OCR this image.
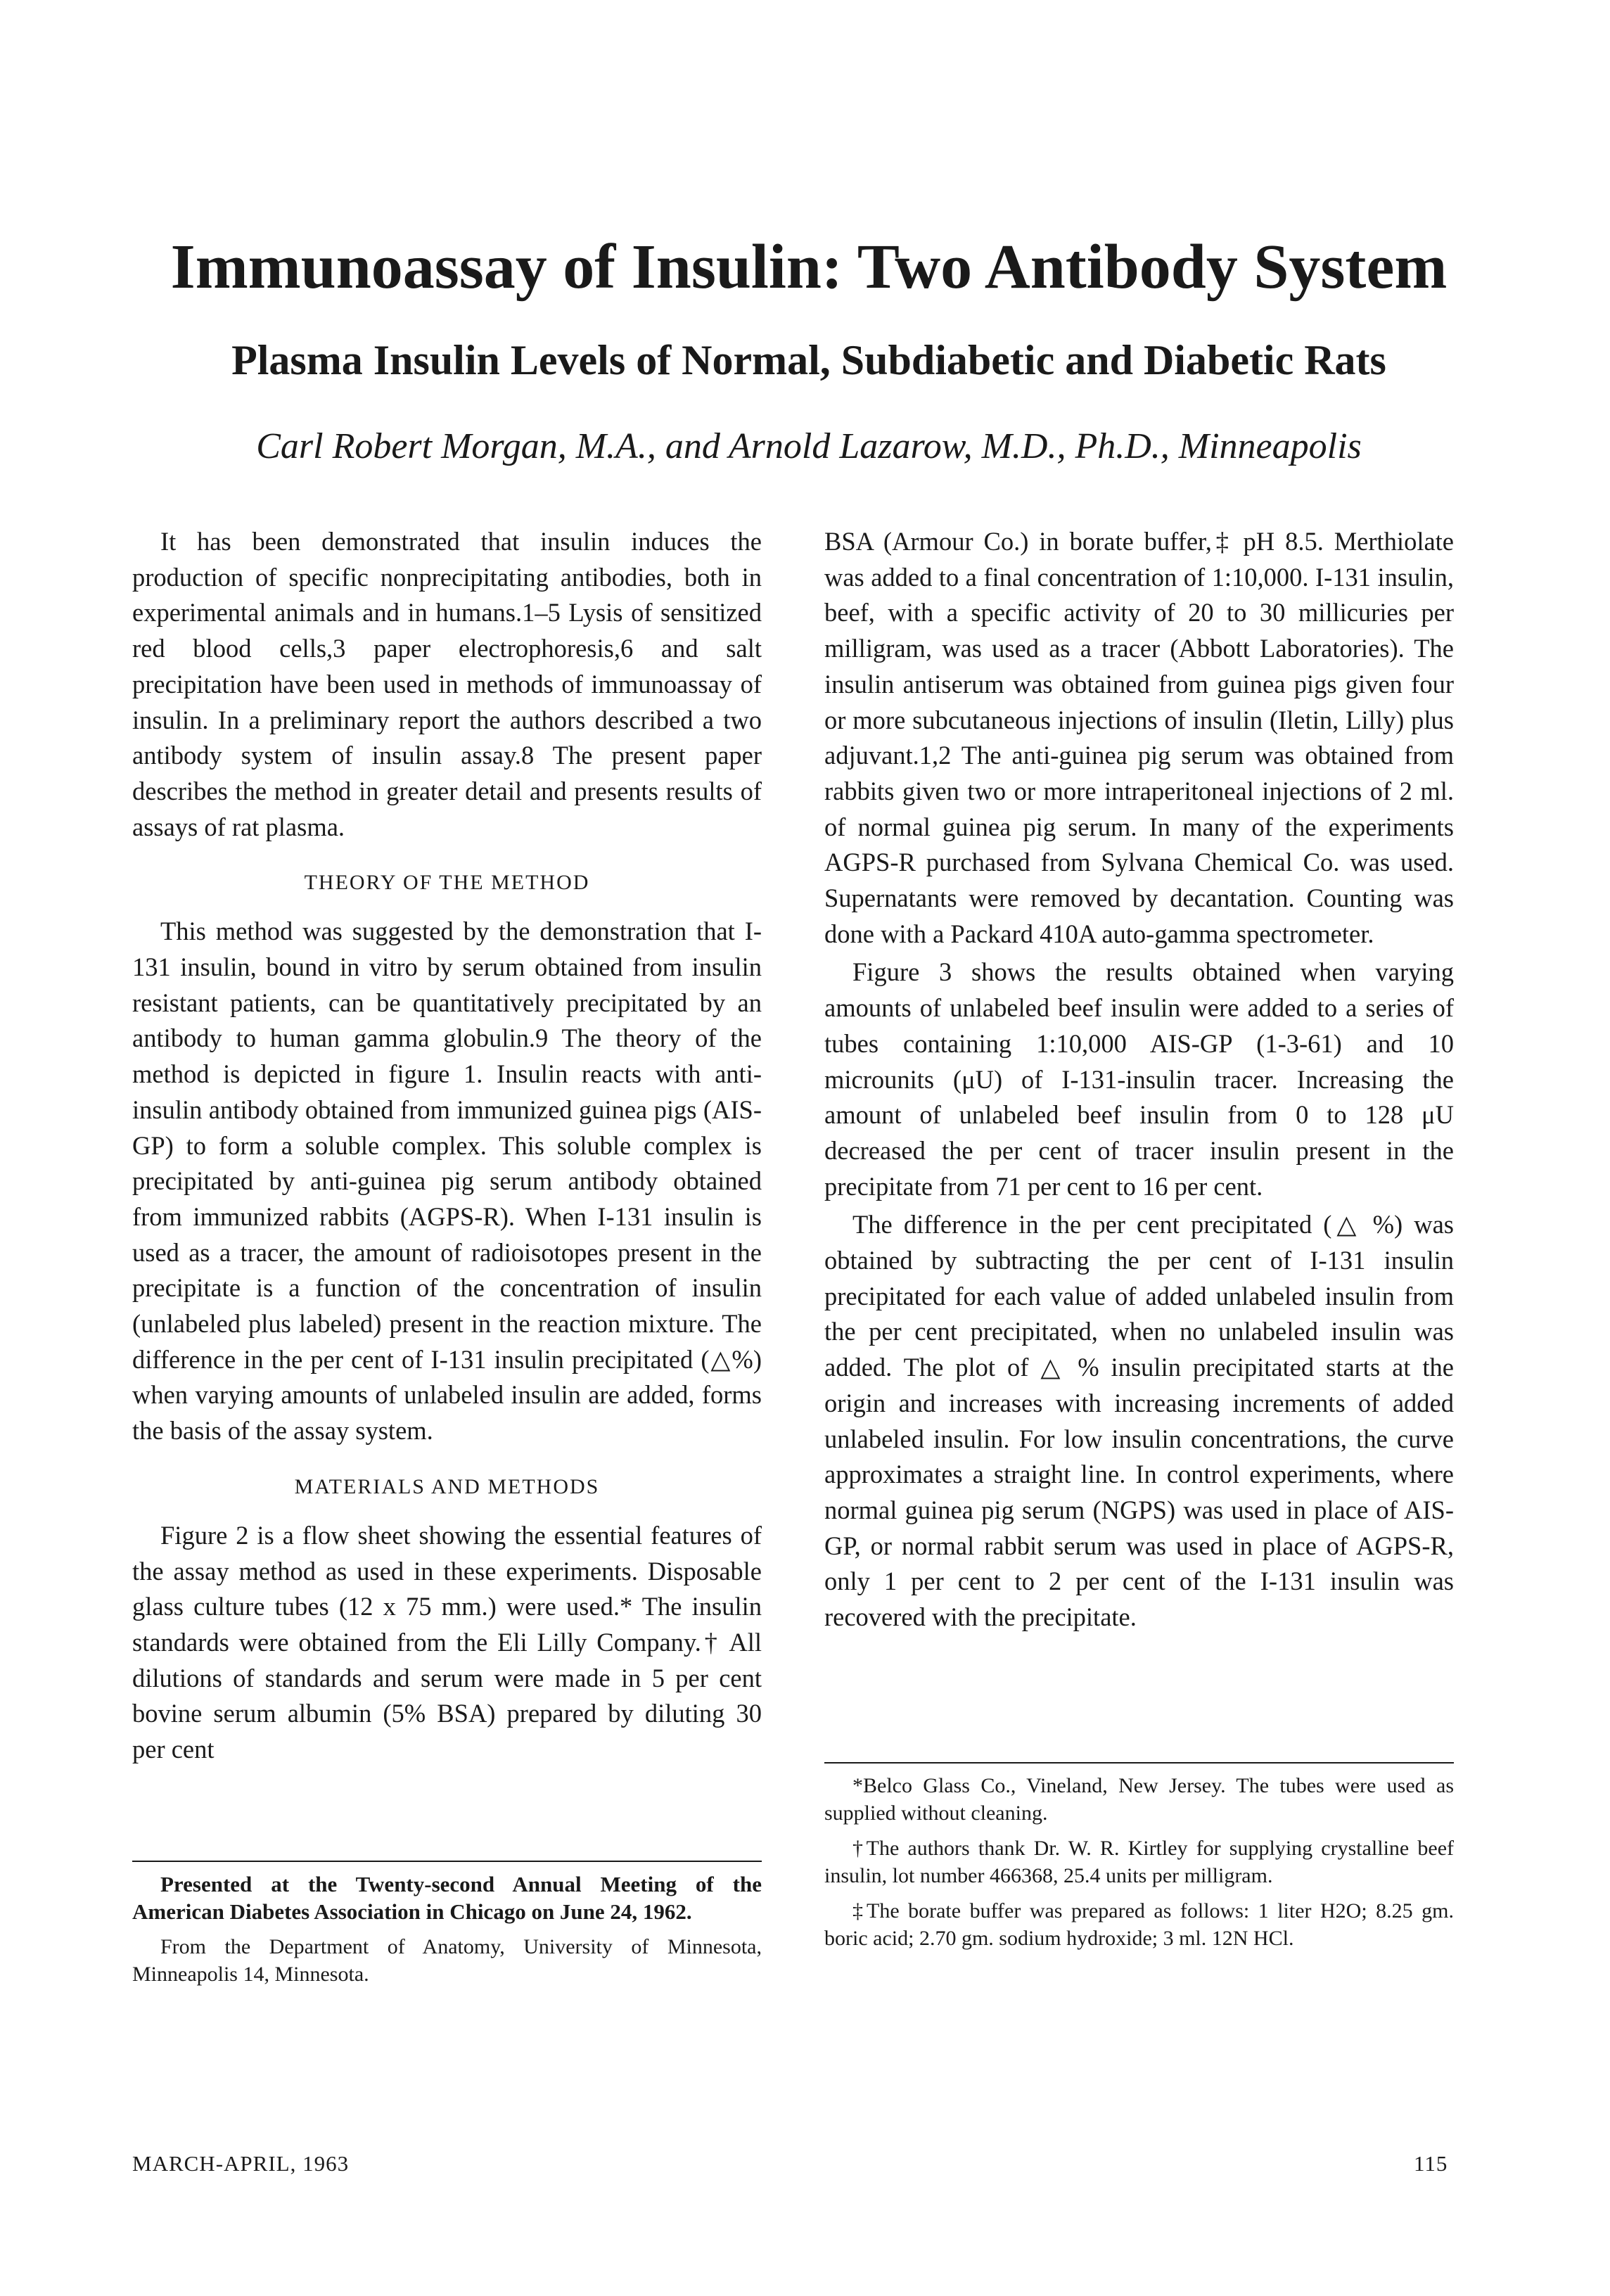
Immunoassay of Insulin: Two Antibody System
Plasma Insulin Levels of Normal, Subdiabetic and Diabetic Rats

Carl Robert Morgan, M.A., and Arnold Lazarow, M.D., Ph.D., Minneapolis

It has been demonstrated that insulin induces the production of specific nonprecipitating antibodies, both in experimental animals and in humans.1–5 Lysis of sensitized red blood cells,3 paper electrophoresis,6 and salt precipitation have been used in methods of immunoassay of insulin. In a preliminary report the authors described a two antibody system of insulin assay.8 The present paper describes the method in greater detail and presents results of assays of rat plasma.

THEORY OF THE METHOD

This method was suggested by the demonstration that I-131 insulin, bound in vitro by serum obtained from insulin resistant patients, can be quantitatively precipitated by an antibody to human gamma globulin.9 The theory of the method is depicted in figure 1. Insulin reacts with anti-insulin antibody obtained from immunized guinea pigs (AIS-GP) to form a soluble complex. This soluble complex is precipitated by anti-guinea pig serum antibody obtained from immunized rabbits (AGPS-R). When I-131 insulin is used as a tracer, the amount of radioisotopes present in the precipitate is a function of the concentration of insulin (unlabeled plus labeled) present in the reaction mixture. The difference in the per cent of I-131 insulin precipitated (△%) when varying amounts of unlabeled insulin are added, forms the basis of the assay system.

MATERIALS AND METHODS

Figure 2 is a flow sheet showing the essential features of the assay method as used in these experiments. Disposable glass culture tubes (12 x 75 mm.) were used.* The insulin standards were obtained from the Eli Lilly Company.† All dilutions of standards and serum were made in 5 per cent bovine serum albumin (5% BSA) prepared by diluting 30 per cent

BSA (Armour Co.) in borate buffer,‡ pH 8.5. Merthiolate was added to a final concentration of 1:10,000. I-131 insulin, beef, with a specific activity of 20 to 30 millicuries per milligram, was used as a tracer (Abbott Laboratories). The insulin antiserum was obtained from guinea pigs given four or more subcutaneous injections of insulin (Iletin, Lilly) plus adjuvant.1,2 The anti-guinea pig serum was obtained from rabbits given two or more intraperitoneal injections of 2 ml. of normal guinea pig serum. In many of the experiments AGPS-R purchased from Sylvana Chemical Co. was used. Supernatants were removed by decantation. Counting was done with a Packard 410A auto-gamma spectrometer.

Figure 3 shows the results obtained when varying amounts of unlabeled beef insulin were added to a series of tubes containing 1:10,000 AIS-GP (1-3-61) and 10 microunits (μU) of I-131-insulin tracer. Increasing the amount of unlabeled beef insulin from 0 to 128 μU decreased the per cent of tracer insulin present in the precipitate from 71 per cent to 16 per cent.

The difference in the per cent precipitated (△ %) was obtained by subtracting the per cent of I-131 insulin precipitated for each value of added unlabeled insulin from the per cent precipitated, when no unlabeled insulin was added. The plot of △ % insulin precipitated starts at the origin and increases with increasing increments of added unlabeled insulin. For low insulin concentrations, the curve approximates a straight line. In control experiments, where normal guinea pig serum (NGPS) was used in place of AIS-GP, or normal rabbit serum was used in place of AGPS-R, only 1 per cent to 2 per cent of the I-131 insulin was recovered with the precipitate.

Presented at the Twenty-second Annual Meeting of the American Diabetes Association in Chicago on June 24, 1962.

From the Department of Anatomy, University of Minnesota, Minneapolis 14, Minnesota.

*Belco Glass Co., Vineland, New Jersey. The tubes were used as supplied without cleaning.

†The authors thank Dr. W. R. Kirtley for supplying crystalline beef insulin, lot number 466368, 25.4 units per milligram.

‡The borate buffer was prepared as follows: 1 liter H2O; 8.25 gm. boric acid; 2.70 gm. sodium hydroxide; 3 ml. 12N HCl.

MARCH-APRIL, 1963	115
